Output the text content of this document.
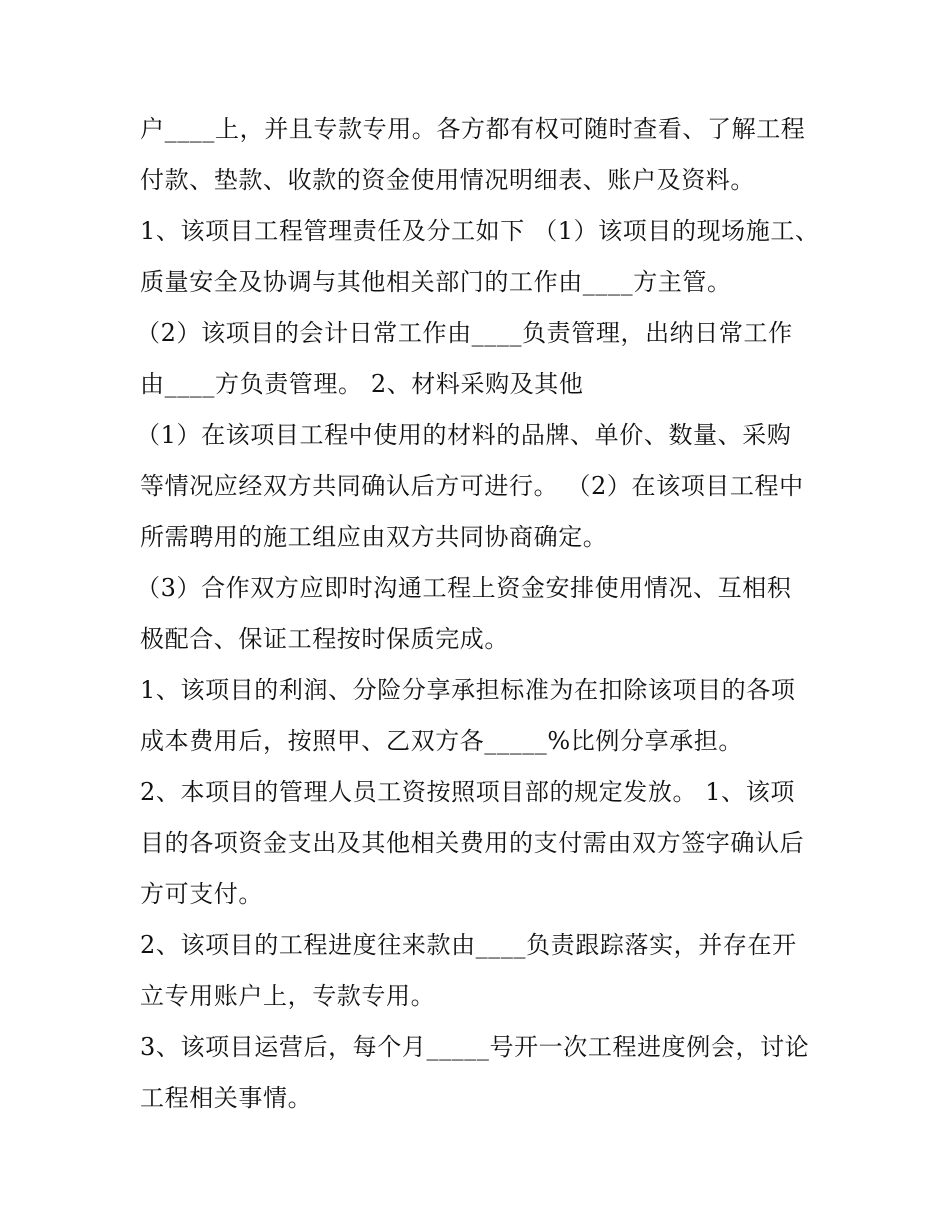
户____上，并且专款专用。各方都有权可随时查看、了解工程
付款、垫款、收款的资金使用情况明细表、账户及资料。
1、该项目工程管理责任及分工如下 （1）该项目的现场施工、
质量安全及协调与其他相关部门的工作由____方主管。
（2）该项目的会计日常工作由____负责管理，出纳日常工作
由____方负责管理。 2、材料采购及其他
（1）在该项目工程中使用的材料的品牌、单价、数量、采购
等情况应经双方共同确认后方可进行。 （2）在该项目工程中
所需聘用的施工组应由双方共同协商确定。
（3）合作双方应即时沟通工程上资金安排使用情况、互相积
极配合、保证工程按时保质完成。
1、该项目的利润、分险分享承担标准为在扣除该项目的各项
成本费用后，按照甲、乙双方各_____%比例分享承担。
2、本项目的管理人员工资按照项目部的规定发放。 1、该项
目的各项资金支出及其他相关费用的支付需由双方签字确认后
方可支付。
2、该项目的工程进度往来款由____负责跟踪落实，并存在开
立专用账户上，专款专用。
3、该项目运营后，每个月_____号开一次工程进度例会，讨论
工程相关事情。
